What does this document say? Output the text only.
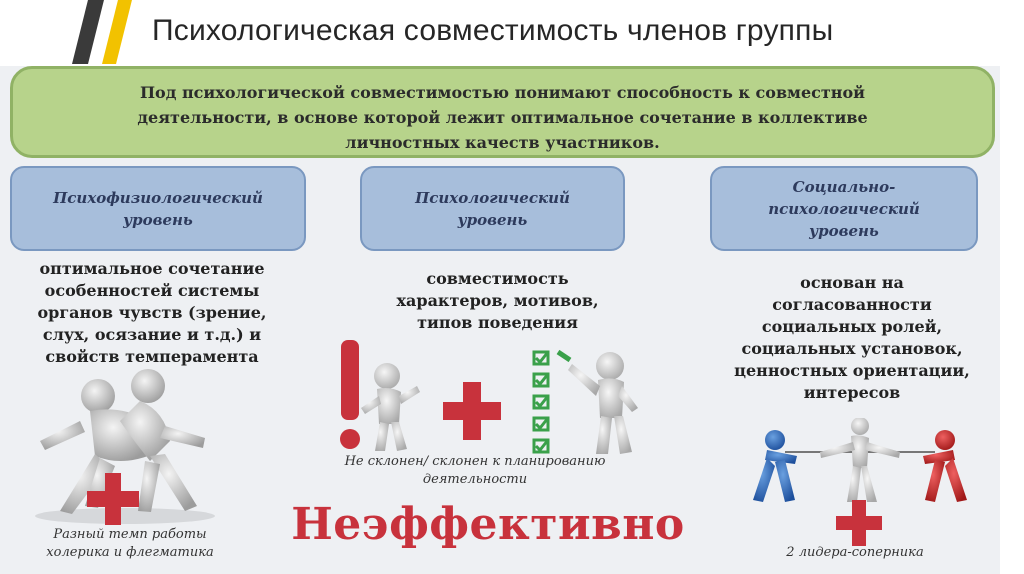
Психологическая совместимость членов группы
Под психологической совместимостью понимают способность к совместной
деятельности, в основе которой лежит оптимальное сочетание в коллективе
личностных качеств участников.
Психофизиологический
уровень
Психологический
уровень
Социально-
психологический
уровень
оптимальное сочетание
особенностей системы
органов чувств (зрение,
слух, осязание и т.д.) и
свойств темперамента
совместимость
характеров, мотивов,
типов поведения
основан на
согласованности
социальных ролей,
социальных установок,
ценностных ориентации,
интересов
Разный темп работы
холерика и флегматика
Не склонен/ склонен к планированию
деятельности
2 лидера-соперника
Неэффективно
